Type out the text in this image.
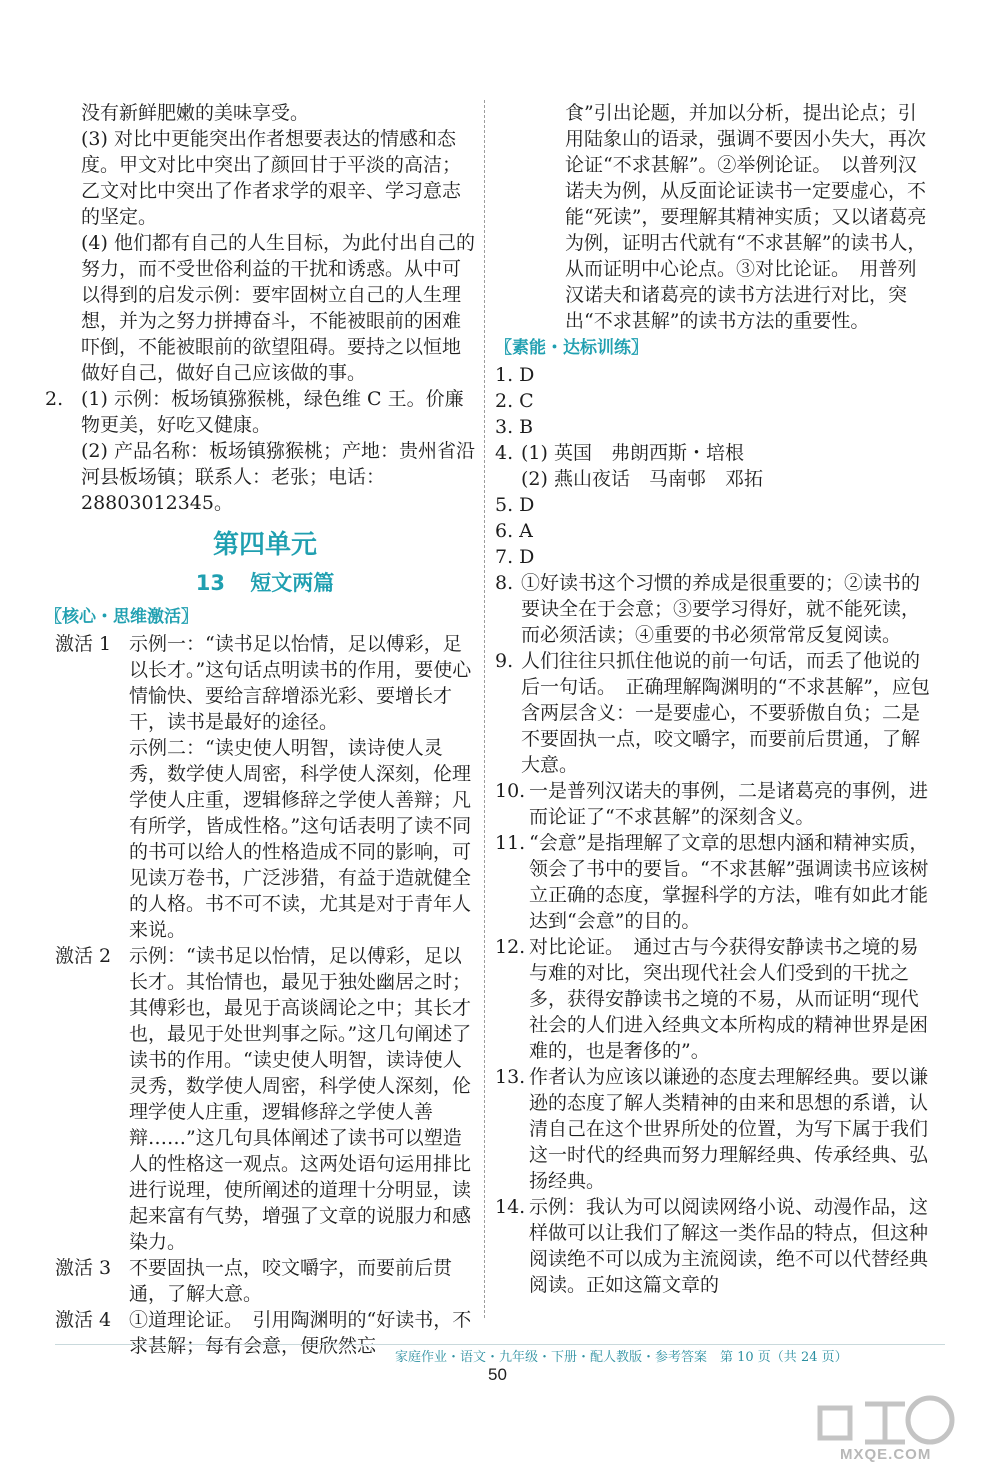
没有新鲜肥嫩的美味享受。

(3) 对比中更能突出作者想要表达的情感和态度。甲文对比中突出了颜回甘于平淡的高洁；乙文对比中突出了作者求学的艰辛、学习意志的坚定。

(4) 他们都有自己的人生目标，为此付出自己的努力，而不受世俗利益的干扰和诱惑。从中可以得到的启发示例：要牢固树立自己的人生理想，并为之努力拼搏奋斗，不能被眼前的困难吓倒，不能被眼前的欲望阻碍。要持之以恒地做好自己，做好自己应该做的事。

2. (1) 示例：板场镇猕猴桃，绿色维 C 王。价廉物更美，好吃又健康。
(2) 产品名称：板场镇猕猴桃；产地：贵州省沿河县板场镇；联系人：老张；电话：28803012345。
第四单元
13 短文两篇
〖核心・思维激活〗
激活 1 示例一：“读书足以怡情，足以傅彩，足以长才。”这句话点明读书的作用，要使心情愉快、要给言辞增添光彩、要增长才干，读书是最好的途径。
示例二：“读史使人明智，读诗使人灵秀，数学使人周密，科学使人深刻，伦理学使人庄重，逻辑修辞之学使人善辩；凡有所学，皆成性格。”这句话表明了读不同的书可以给人的性格造成不同的影响，可见读万卷书，广泛涉猎，有益于造就健全的人格。书不可不读，尤其是对于青年人来说。
激活 2 示例：“读书足以怡情，足以傅彩，足以长才。其怡情也，最见于独处幽居之时；其傅彩也，最见于高谈阔论之中；其长才也，最见于处世判事之际。”这几句阐述了读书的作用。“读史使人明智，读诗使人灵秀，数学使人周密，科学使人深刻，伦理学使人庄重，逻辑修辞之学使人善辩……”这几句具体阐述了读书可以塑造人的性格这一观点。这两处语句运用排比进行说理，使所阐述的道理十分明显，读起来富有气势，增强了文章的说服力和感染力。
激活 3 不要固执一点，咬文嚼字，而要前后贯通，了解大意。
激活 4 ①道理论证。　引用陶渊明的“好读书，不求甚解；每有会意，便欣然忘

食”引出论题，并加以分析，提出论点；引用陆象山的语录，强调不要因小失大，再次论证“不求甚解”。②举例论证。　以普列汉诺夫为例，从反面论证读书一定要虚心，不能“死读”，要理解其精神实质；又以诸葛亮为例，证明古代就有“不求甚解”的读书人，从而证明中心论点。③对比论证。　用普列汉诺夫和诸葛亮的读书方法进行对比，突出“不求甚解”的读书方法的重要性。

〖素能・达标训练〗

1. D

2. C

3. B

4. (1) 英国　弗朗西斯・培根
(2) 燕山夜话　马南邨　邓拓

5. D

6. A

7. D

8. ①好读书这个习惯的养成是很重要的；②读书的要诀全在于会意；③要学习得好，就不能死读，而必须活读；④重要的书必须常常反复阅读。
9. 人们往往只抓住他说的前一句话，而丢了他说的后一句话。　正确理解陶渊明的“不求甚解”，应包含两层含义：一是要虚心，不要骄傲自负；二是不要固执一点，咬文嚼字，而要前后贯通，了解大意。
10. 一是普列汉诺夫的事例，二是诸葛亮的事例，进而论证了“不求甚解”的深刻含义。
11. “会意”是指理解了文章的思想内涵和精神实质，领会了书中的要旨。“不求甚解”强调读书应该树立正确的态度，掌握科学的方法，唯有如此才能达到“会意”的目的。
12. 对比论证。　通过古与今获得安静读书之境的易与难的对比，突出现代社会人们受到的干扰之多，获得安静读书之境的不易，从而证明“现代社会的人们进入经典文本所构成的精神世界是困难的，也是奢侈的”。
13. 作者认为应该以谦逊的态度去理解经典。要以谦逊的态度了解人类精神的由来和思想的系谱，认清自己在这个世界所处的位置，为写下属于我们这一时代的经典而努力理解经典、传承经典、弘扬经典。
14. 示例：我认为可以阅读网络小说、动漫作品，这样做可以让我们了解这一类作品的特点，但这种阅读绝不可以成为主流阅读，绝不可以代替经典阅读。正如这篇文章的
家庭作业・语文・九年级・下册・配人教版・参考答案　第 10 页（共 24 页）
50
MXQE.COM
